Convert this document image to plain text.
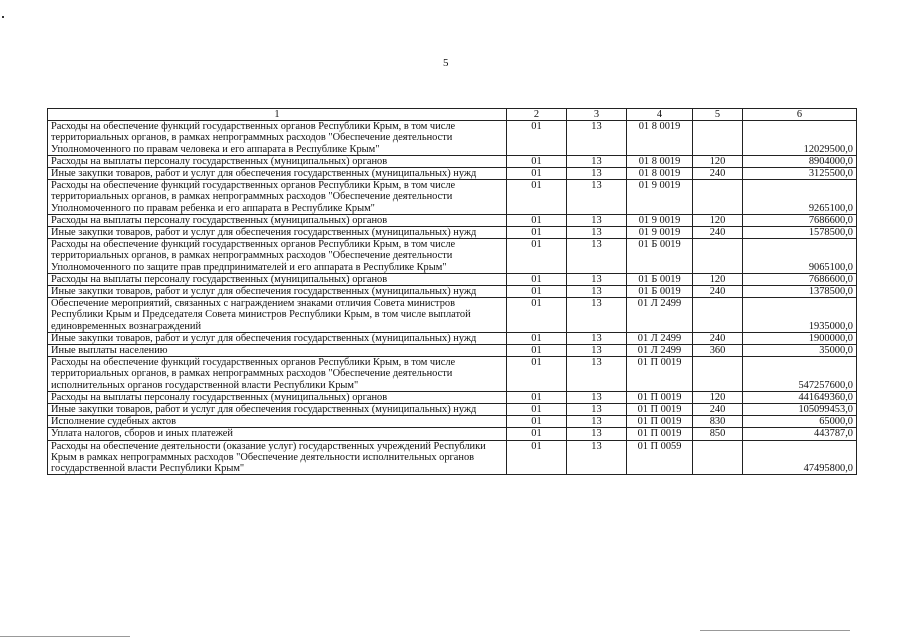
5
1	2	3	4	5	6
Расходы на обеспечение функций государственных органов Республики Крым, в том числе территориальных органов, в рамках непрограммных расходов "Обеспечение деятельности Уполномоченного по правам человека и его аппарата в Республике Крым"	01	13	01 8 0019		12029500,0
Расходы на выплаты персоналу государственных (муниципальных) органов	01	13	01 8 0019	120	8904000,0
Иные закупки товаров, работ и услуг для обеспечения государственных (муниципальных) нужд	01	13	01 8 0019	240	3125500,0
Расходы на обеспечение функций государственных органов Республики Крым, в том числе территориальных органов, в рамках непрограммных расходов "Обеспечение деятельности Уполномоченного по правам ребенка и его аппарата в Республике Крым"	01	13	01 9 0019		9265100,0
Расходы на выплаты персоналу государственных (муниципальных) органов	01	13	01 9 0019	120	7686600,0
Иные закупки товаров, работ и услуг для обеспечения государственных (муниципальных) нужд	01	13	01 9 0019	240	1578500,0
Расходы на обеспечение функций государственных органов Республики Крым, в том числе территориальных органов, в рамках непрограммных расходов "Обеспечение деятельности Уполномоченного по защите прав предпринимателей и его аппарата в Республике Крым"	01	13	01 Б 0019		9065100,0
Расходы на выплаты персоналу государственных (муниципальных) органов	01	13	01 Б 0019	120	7686600,0
Иные закупки товаров, работ и услуг для обеспечения государственных (муниципальных) нужд	01	13	01 Б 0019	240	1378500,0
Обеспечение мероприятий, связанных с награждением знаками отличия Совета министров Республики Крым и Председателя Совета министров Республики Крым, в том числе выплатой единовременных вознаграждений	01	13	01 Л 2499		1935000,0
Иные закупки товаров, работ и услуг для обеспечения государственных (муниципальных) нужд	01	13	01 Л 2499	240	1900000,0
Иные выплаты населению	01	13	01 Л 2499	360	35000,0
Расходы на обеспечение функций государственных органов Республики Крым, в том числе территориальных органов, в рамках непрограммных расходов "Обеспечение деятельности исполнительных органов государственной власти Республики Крым"	01	13	01 П 0019		547257600,0
Расходы на выплаты персоналу государственных (муниципальных) органов	01	13	01 П 0019	120	441649360,0
Иные закупки товаров, работ и услуг для обеспечения государственных (муниципальных) нужд	01	13	01 П 0019	240	105099453,0
Исполнение судебных актов	01	13	01 П 0019	830	65000,0
Уплата налогов, сборов и иных платежей	01	13	01 П 0019	850	443787,0
Расходы на обеспечение деятельности (оказание услуг) государственных учреждений Республики Крым в рамках непрограммных расходов "Обеспечение деятельности исполнительных органов государственной власти Республики Крым"	01	13	01 П 0059		47495800,0
